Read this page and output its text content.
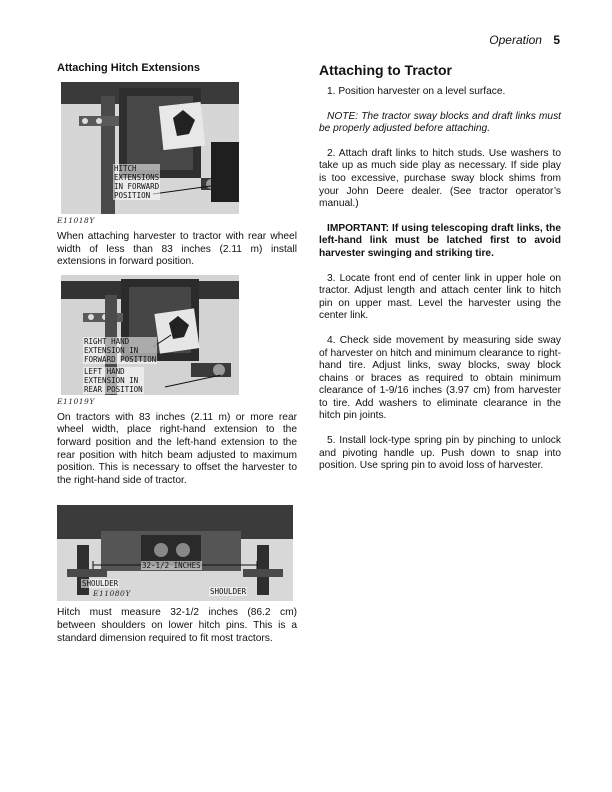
Operation 5
Attaching Hitch Extensions
HITCH
EXTENSIONS
IN FORWARD
POSITION
E11018Y
When attaching harvester to tractor with rear wheel width of less than 83 inches (2.11 m) install extensions in forward position.
RIGHT HAND
EXTENSION IN
FORWARD POSITION
LEFT HAND
EXTENSION IN
REAR POSITION
E11019Y
On tractors with 83 inches (2.11 m) or more rear wheel width, place right-hand extension to the forward position and the left-hand extension to the rear position with hitch beam adjusted to maximum position. This is necessary to offset the harvester to the right-hand side of tractor.
32-1/2 INCHES
SHOULDER
SHOULDER
E11080Y
Hitch must measure 32-1/2 inches (86.2 cm) between shoulders on lower hitch pins. This is a standard dimension required to fit most tractors.
Attaching to Tractor

1. Position harvester on a level surface.

NOTE: The tractor sway blocks and draft links must be properly adjusted before attaching.

2. Attach draft links to hitch studs. Use washers to take up as much side play as necessary. If side play is too excessive, purchase sway block shims from your John Deere dealer. (See tractor operator’s manual.)

IMPORTANT: If using telescoping draft links, the left-hand link must be latched first to avoid harvester swinging and striking tire.

3. Locate front end of center link in upper hole on tractor. Adjust length and attach center link to hitch pin on upper mast. Level the harvester using the center link.

4. Check side movement by measuring side sway of harvester on hitch and minimum clearance to right-hand tire. Adjust links, sway blocks, sway block chains or braces as required to obtain minimum clearance of 1-9/16 inches (3.97 cm) from harvester to tire. Add washers to eliminate clearance in the hitch pin joints.

5. Install lock-type spring pin by pinching to unlock and pivoting handle up. Push down to snap into position. Use spring pin to avoid loss of harvester.
